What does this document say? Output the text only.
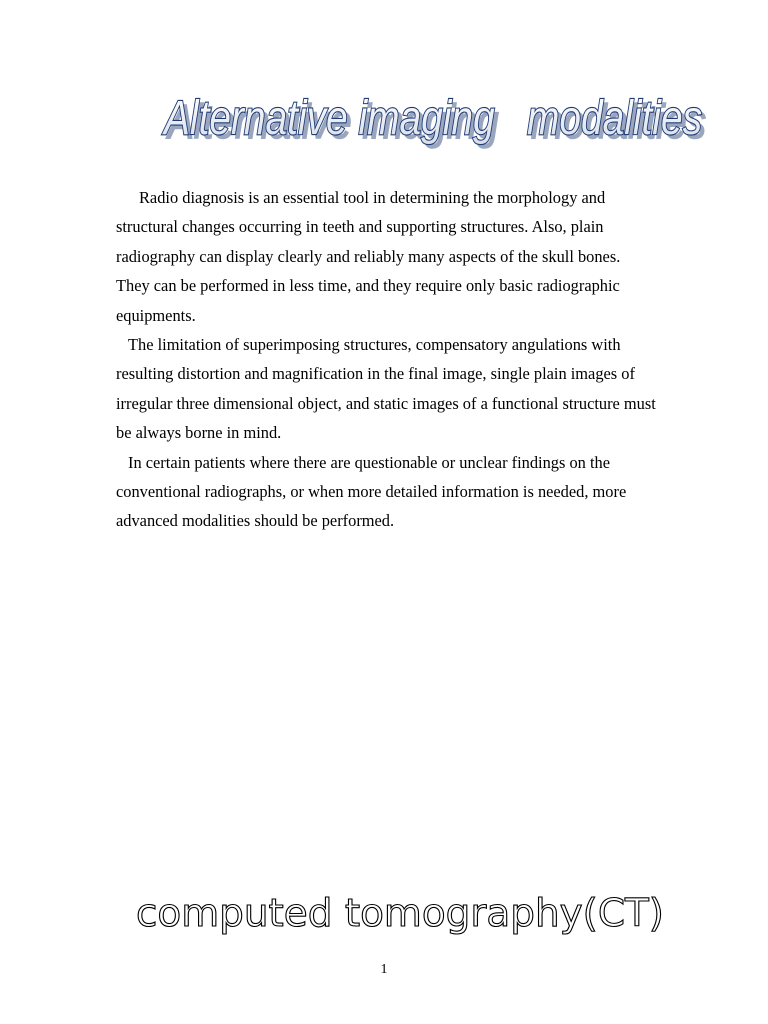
Alternative imaging   modalities
Alternative imaging   modalities

Radio diagnosis is an essential tool in determining the morphology and structural changes occurring in teeth and supporting structures. Also, plain radiography can display clearly and reliably many aspects of the skull bones. They can be performed in less time, and they require only basic radiographic equipments.

The limitation of superimposing structures, compensatory angulations with resulting distortion and magnification in the final image, single plain images of irregular three dimensional object, and static images of a functional structure must be always borne in mind.

In certain patients where there are questionable or unclear findings on the conventional radiographs, or when more detailed information is needed, more advanced modalities should be performed.

computed tomography(CT)
1
